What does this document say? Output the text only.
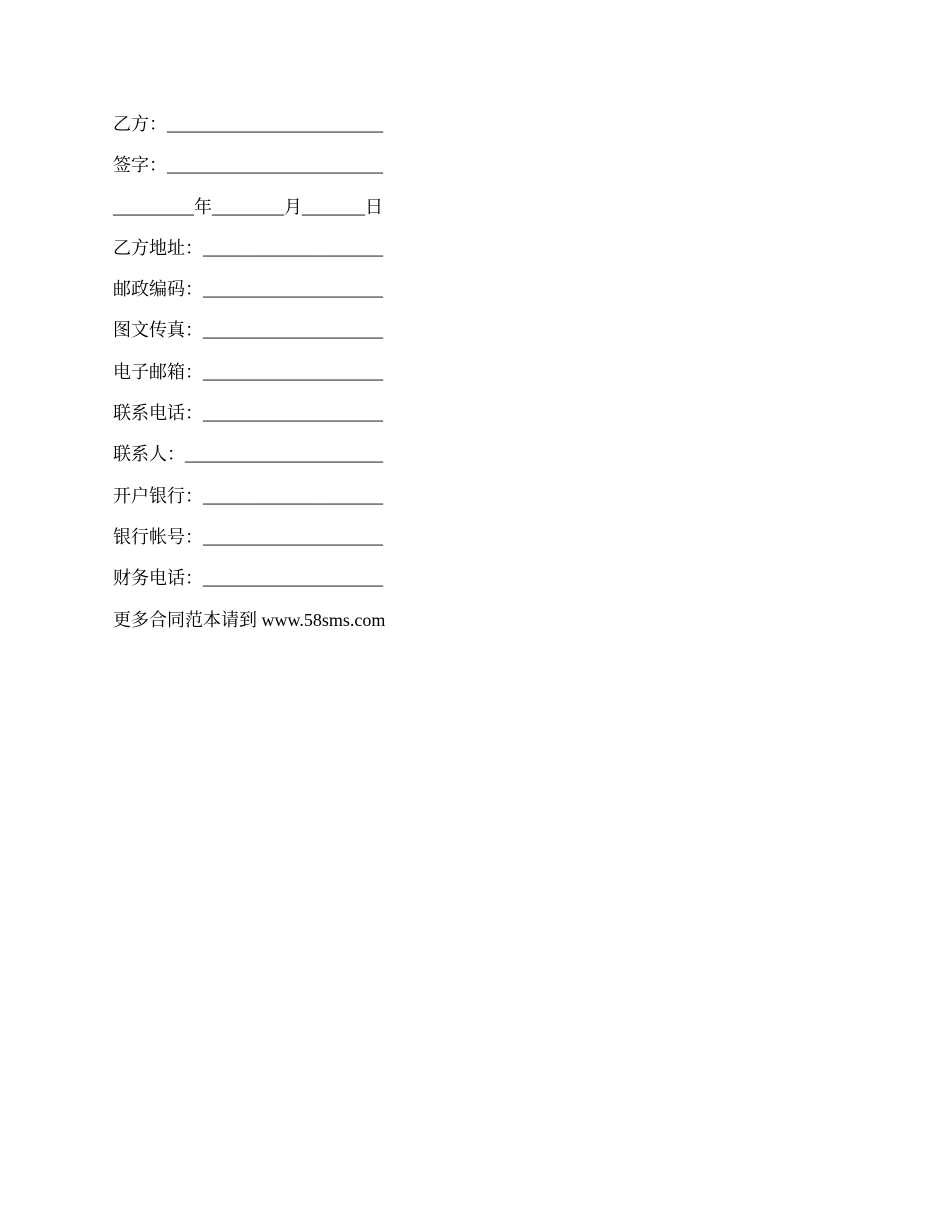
乙方：________________________
签字：________________________
_________年________月_______日
乙方地址：____________________
邮政编码：____________________
图文传真：____________________
电子邮箱：____________________
联系电话：____________________
联系人：______________________
开户银行：____________________
银行帐号：____________________
财务电话：____________________
更多合同范本请到 www.58sms.com
